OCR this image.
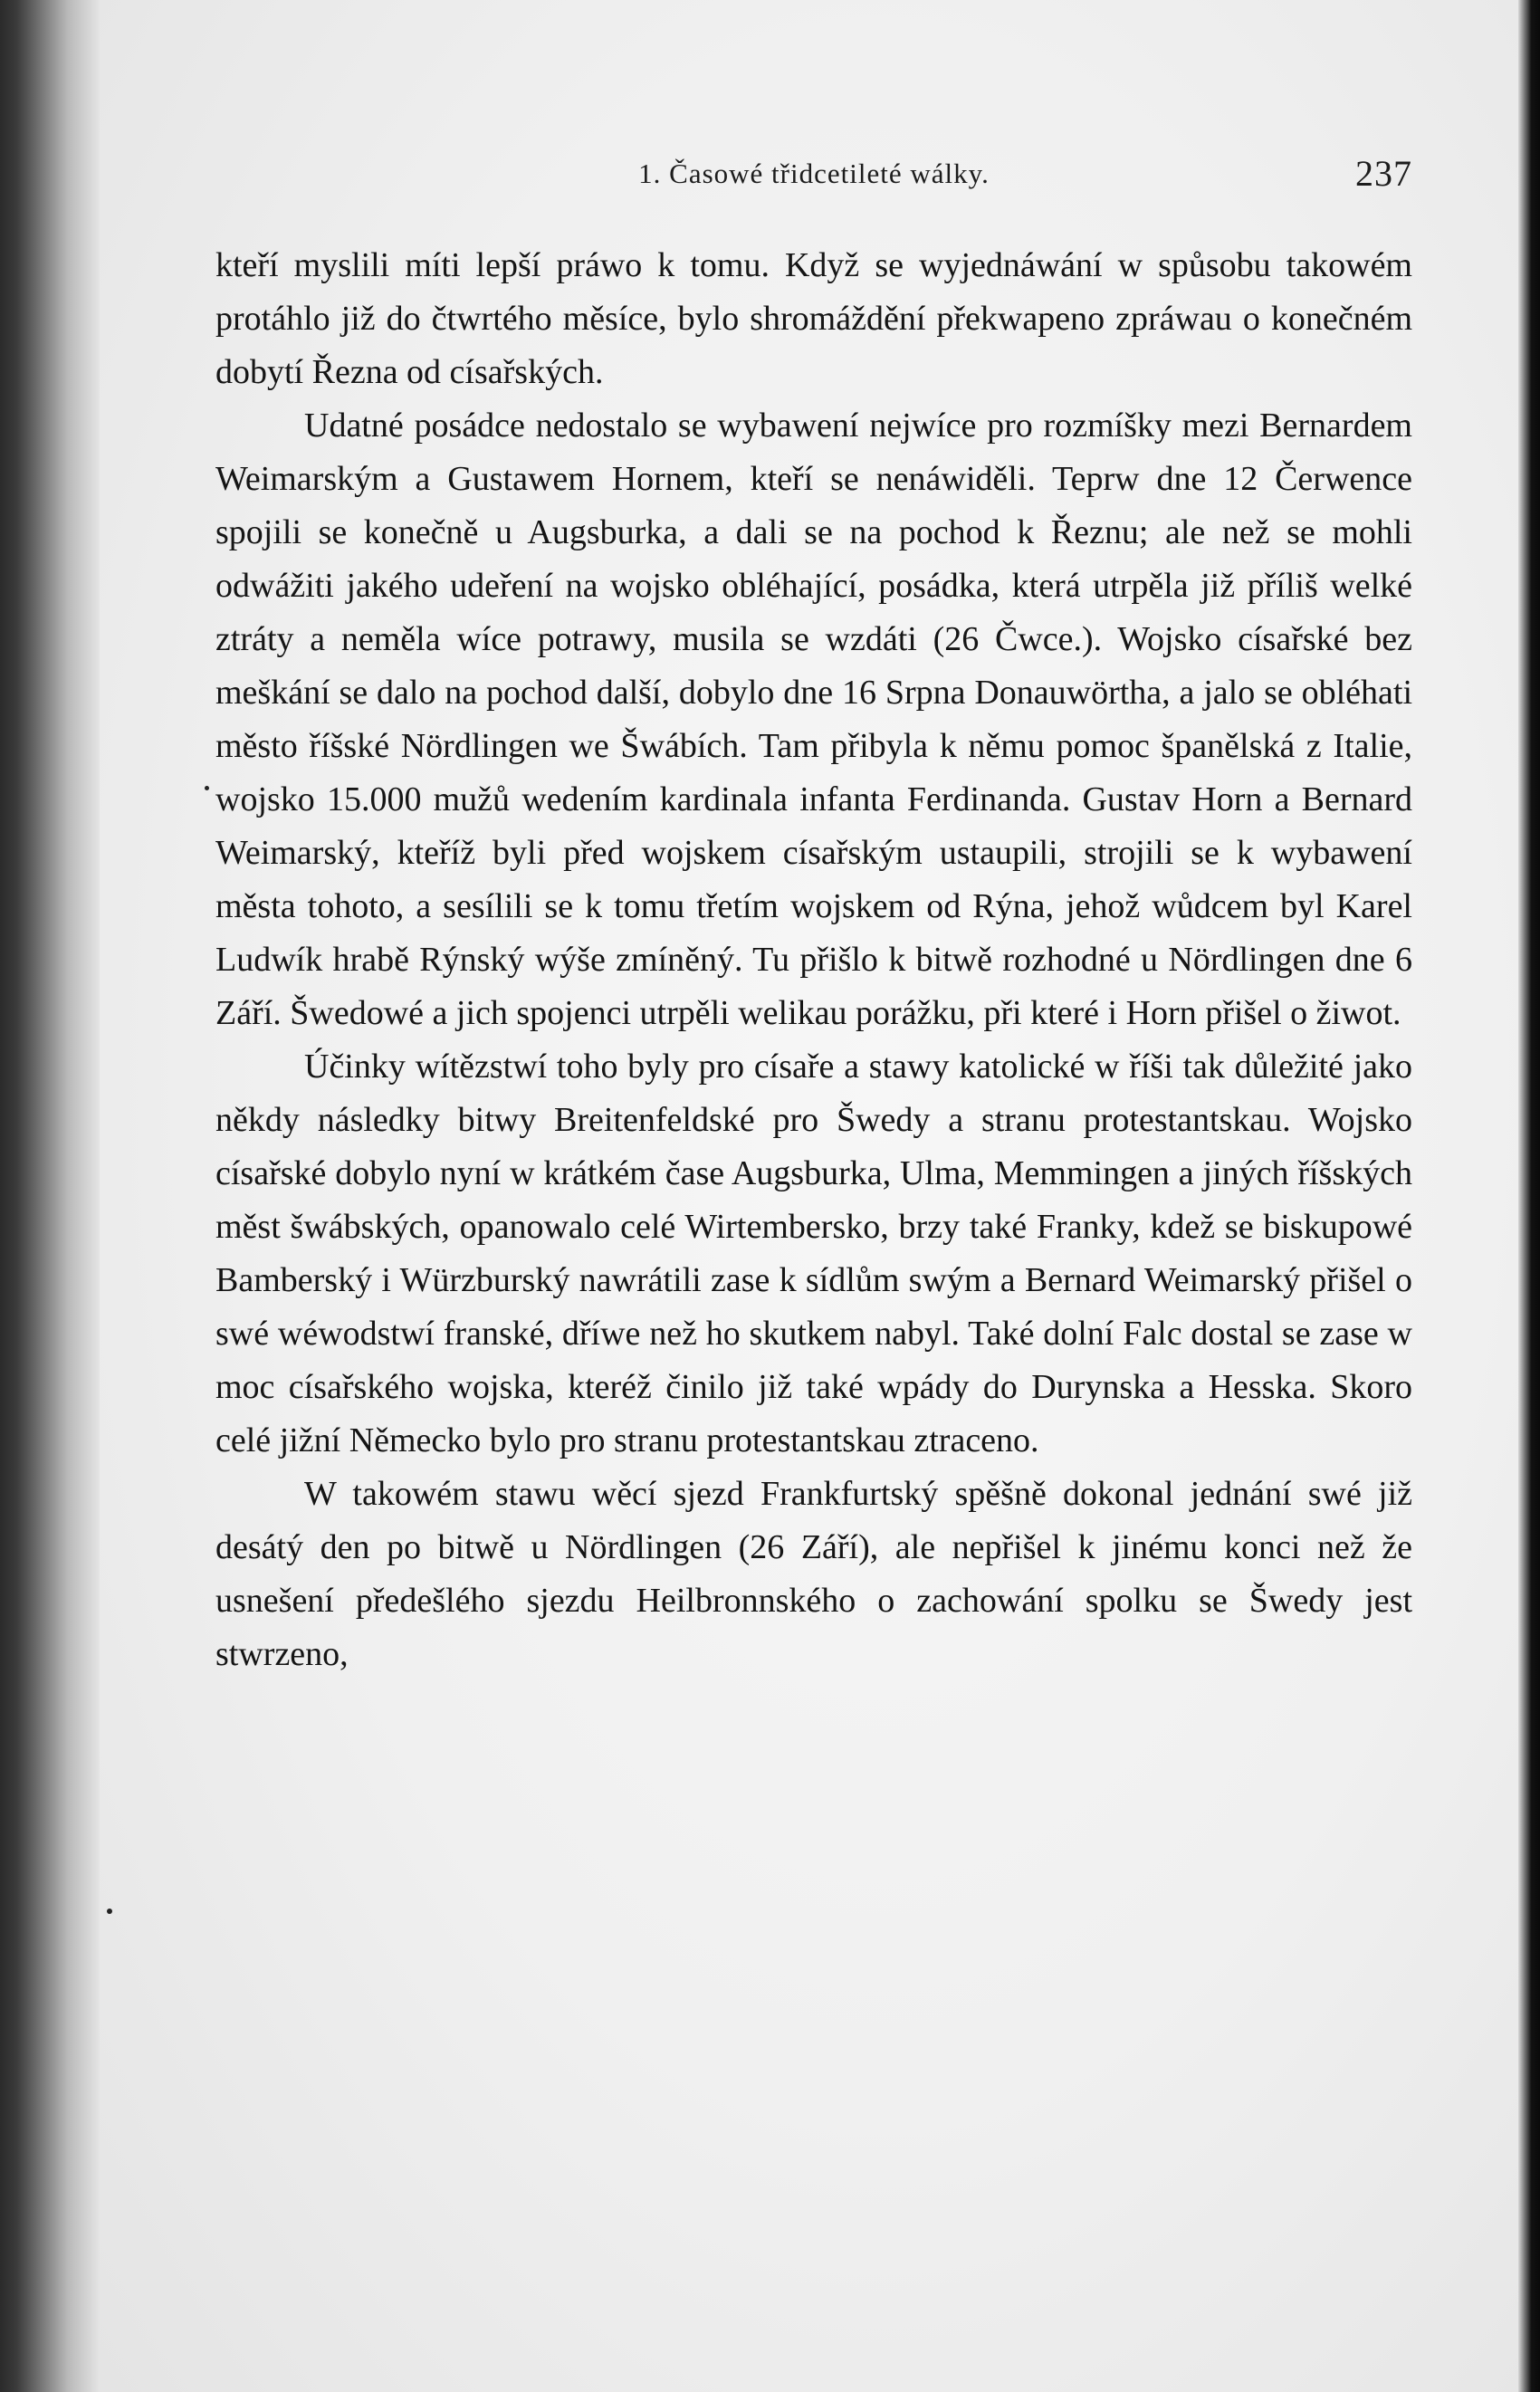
1. Časowé třidcetileté wálky.	237

kteří myslili míti lepší práwo k tomu. Když se wyjednáwání w spůsobu takowém protáhlo již do čtwrtého měsíce, bylo shromáždění překwapeno zpráwau o konečném dobytí Řezna od císařských.

Udatné posádce nedostalo se wybawení nejwíce pro rozmíšky mezi Bernardem Weimarským a Gustawem Hornem, kteří se nenáwiděli. Teprw dne 12 Čerwence spojili se konečně u Augsburka, a dali se na pochod k Řeznu; ale než se mohli odwážiti jakého udeření na wojsko obléhající, posádka, která utrpěla již příliš welké ztráty a neměla wíce potrawy, musila se wzdáti (26 Čwce.). Wojsko císařské bez meškání se dalo na pochod další, dobylo dne 16 Srpna Donauwörtha, a jalo se obléhati město říšské Nördlingen we Šwábích. Tam přibyla k němu pomoc španělská z Italie, wojsko 15.000 mužů wedením kardinala infanta Ferdinanda. Gustav Horn a Bernard Weimarský, kteříž byli před wojskem císařským ustaupili, strojili se k wybawení města tohoto, a sesílili se k tomu třetím wojskem od Rýna, jehož wůdcem byl Karel Ludwík hrabě Rýnský wýše zmíněný. Tu přišlo k bitwě rozhodné u Nördlingen dne 6 Září. Šwedowé a jich spojenci utrpěli welikau porážku, při které i Horn přišel o žiwot.

Účinky wítězstwí toho byly pro císaře a stawy katolické w říši tak důležité jako někdy následky bitwy Breitenfeldské pro Šwedy a stranu protestantskau. Wojsko císařské dobylo nyní w krátkém čase Augsburka, Ulma, Memmingen a jiných říšských měst šwábských, opanowalo celé Wirtembersko, brzy také Franky, kdež se biskupowé Bamberský i Würzburský nawrátili zase k sídlům swým a Bernard Weimarský přišel o swé wéwodstwí franské, dříwe než ho skutkem nabyl. Také dolní Falc dostal se zase w moc císařského wojska, kteréž činilo již také wpády do Durynska a Hesska. Skoro celé jižní Německo bylo pro stranu protestantskau ztraceno.

W takowém stawu wěcí sjezd Frankfurtský spěšně dokonal jednání swé již desátý den po bitwě u Nördlingen (26 Září), ale nepřišel k jinému konci než že usnešení předešlého sjezdu Heilbronnského o zachowání spolku se Šwedy jest stwrzeno,
